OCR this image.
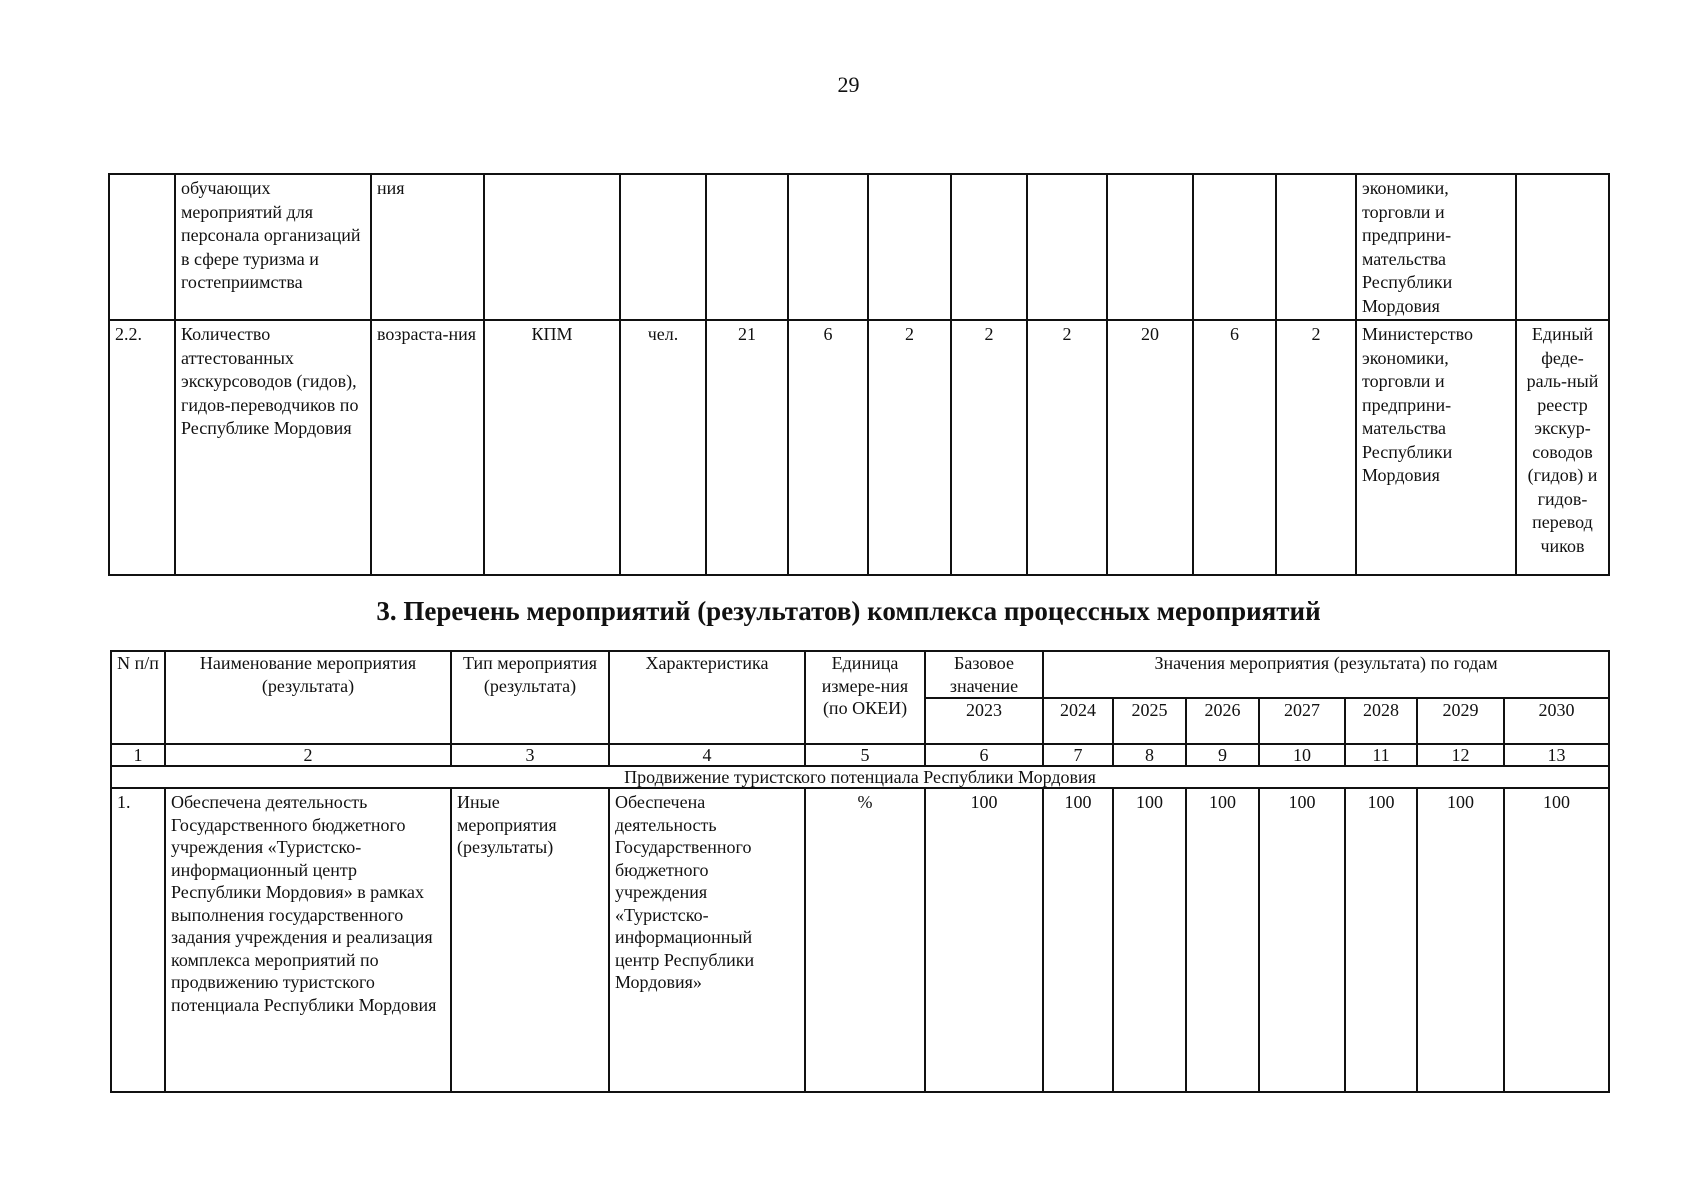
29
	обучающих мероприятий для персонала организаций в сфере туризма и гостеприимства	ния											экономики, торговли и предприни-мательства Республики Мордовия	
2.2.	Количество аттестованных экскурсоводов (гидов), гидов-переводчиков по Республике Мордовия	возраста-ния	КПМ	чел.	21	6	2	2	2	20	6	2	Министерство экономики, торговли и предприни-мательства Республики Мордовия	Единый феде-раль-ный реестр экскур-соводов (гидов) и гидов-перевод чиков
3. Перечень мероприятий (результатов) комплекса процессных мероприятий
N п/п	Наименование мероприятия (результата)	Тип мероприятия (результата)	Характеристика	Единица измере-ния (по ОКЕИ)	Базовое значение	Значения мероприятия (результата) по годам						
					2023	2024	2025	2026	2027	2028	2029	2030
1	2	3	4	5	6	7	8	9	10	11	12	13
Продвижение туристского потенциала Республики Мордовия												
1.	Обеспечена деятельность Государственного бюджетного учреждения «Туристско-информационный центр Республики Мордовия» в рамках выполнения государственного задания учреждения и реализация комплекса мероприятий по продвижению туристского потенциала Республики Мордовия	Иные мероприятия (результаты)	Обеспечена деятельность Государственного бюджетного учреждения «Туристско-информационный центр Республики Мордовия»	%	100	100	100	100	100	100	100	100
